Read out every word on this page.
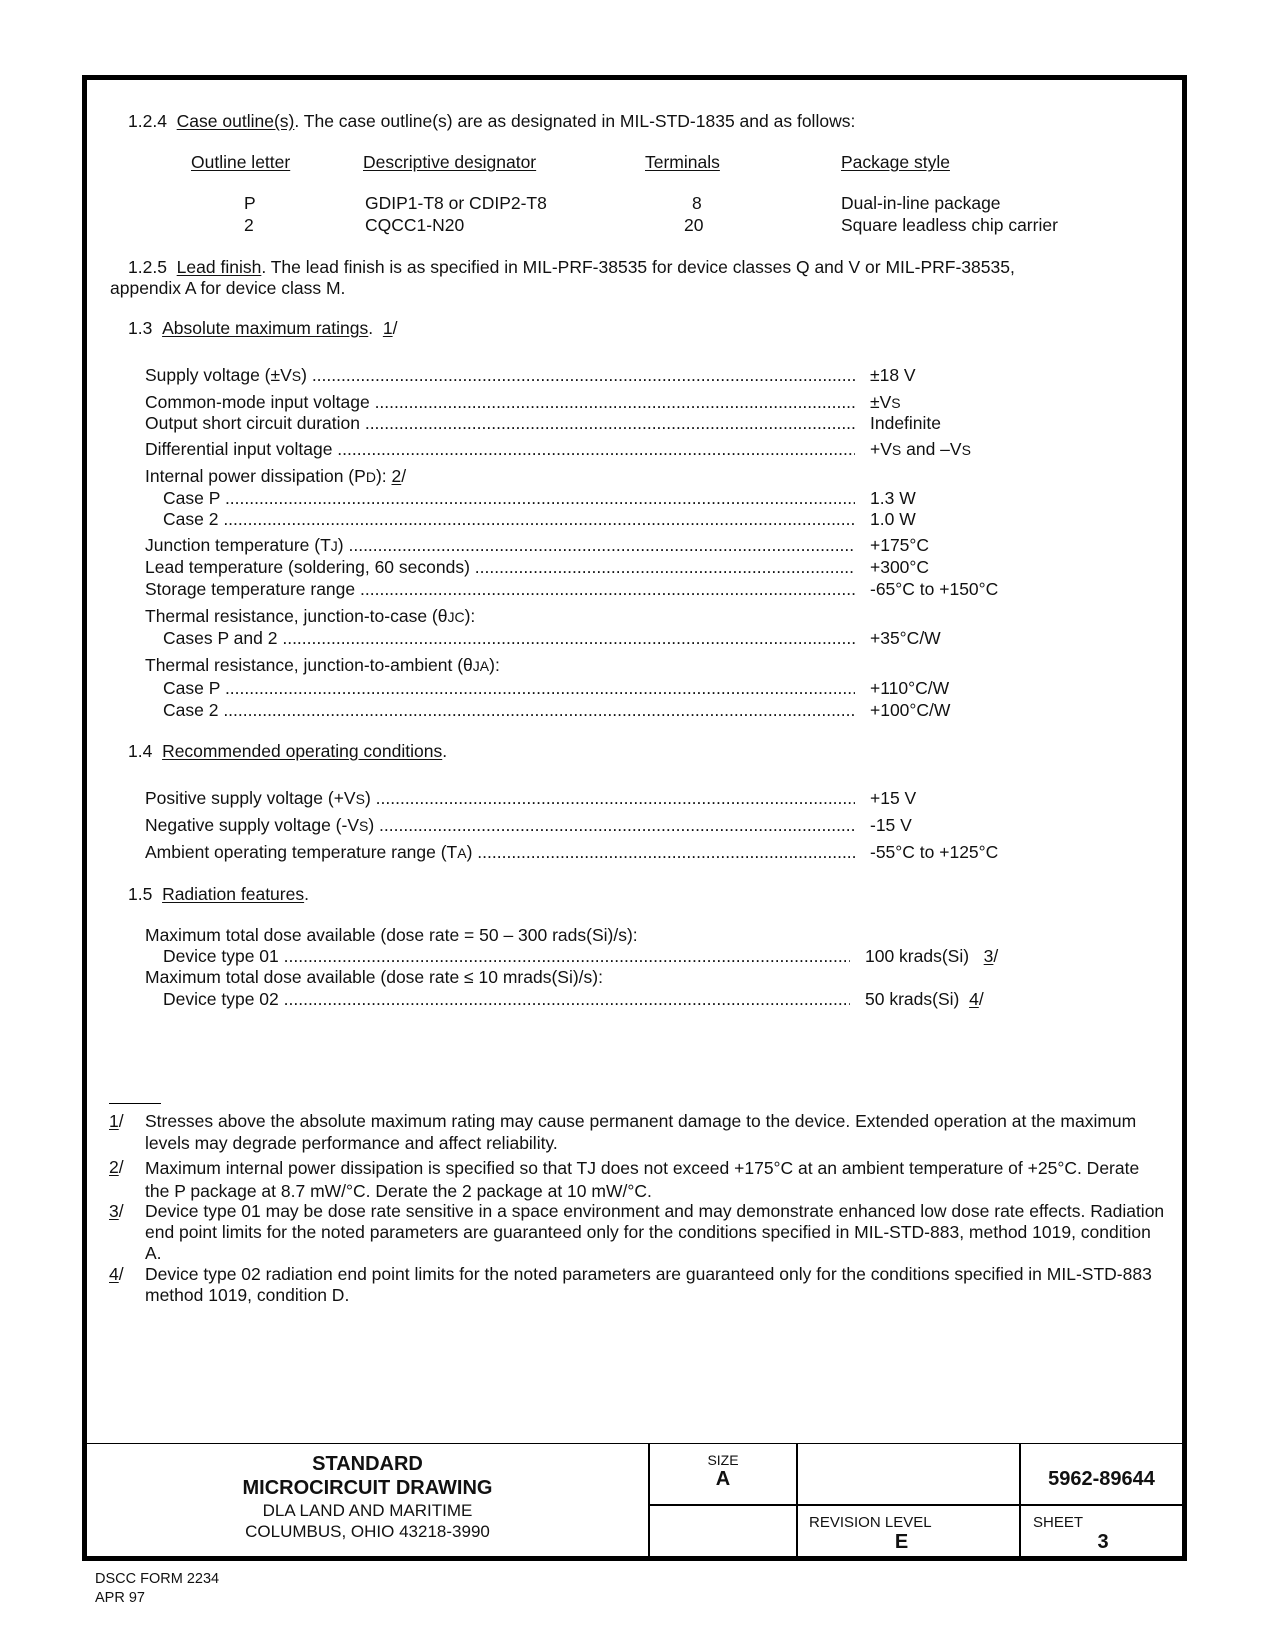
1.2.4 Case outline(s). The case outline(s) are as designated in MIL-STD-1835 and as follows:
Outline letter	Descriptive designator	Terminals	Package style
P	GDIP1-T8 or CDIP2-T8	8	Dual-in-line package
2	CQCC1-N20	20	Square leadless chip carrier
1.2.5 Lead finish. The lead finish is as specified in MIL-PRF-38535 for device classes Q and V or MIL-PRF-38535,
appendix A for device class M.
1.3 Absolute maximum ratings.  1/
Supply voltage (±VS) .....	±18 V
Common-mode input voltage .....	±VS
Output short circuit duration .....	Indefinite
Differential input voltage .....	+VS and –VS
Internal power dissipation (PD): 2/
Case P .....	1.3 W
Case 2 .....	1.0 W
Junction temperature (TJ) .....	+175°C
Lead temperature (soldering, 60 seconds) .....	+300°C
Storage temperature range .....	-65°C to +150°C
Thermal resistance, junction-to-case (θJC):
Cases P and 2 .....	+35°C/W
Thermal resistance, junction-to-ambient (θJA):
Case P .....	+110°C/W
Case 2 .....	+100°C/W
1.4 Recommended operating conditions.
Positive supply voltage (+VS) .....	+15 V
Negative supply voltage (-VS) .....	-15 V
Ambient operating temperature range (TA) .....	-55°C to +125°C
1.5 Radiation features.
Maximum total dose available (dose rate = 50 – 300 rads(Si)/s):
Device type 01 .....	100 krads(Si) 3/
Maximum total dose available (dose rate ≤ 10 mrads(Si)/s):
Device type 02 .....	50 krads(Si) 4/
1/ Stresses above the absolute maximum rating may cause permanent damage to the device. Extended operation at the maximum levels may degrade performance and affect reliability.
2/ Maximum internal power dissipation is specified so that TJ does not exceed +175°C at an ambient temperature of +25°C. Derate the P package at 8.7 mW/°C. Derate the 2 package at 10 mW/°C.
3/ Device type 01 may be dose rate sensitive in a space environment and may demonstrate enhanced low dose rate effects. Radiation end point limits for the noted parameters are guaranteed only for the conditions specified in MIL-STD-883, method 1019, condition A.
4/ Device type 02 radiation end point limits for the noted parameters are guaranteed only for the conditions specified in MIL-STD-883 method 1019, condition D.
STANDARD
MICROCIRCUIT DRAWING
DLA LAND AND MARITIME
COLUMBUS, OHIO 43218-3990
SIZE
A	5962-89644
REVISION LEVEL
E
SHEET
3
DSCC FORM 2234
APR 97
